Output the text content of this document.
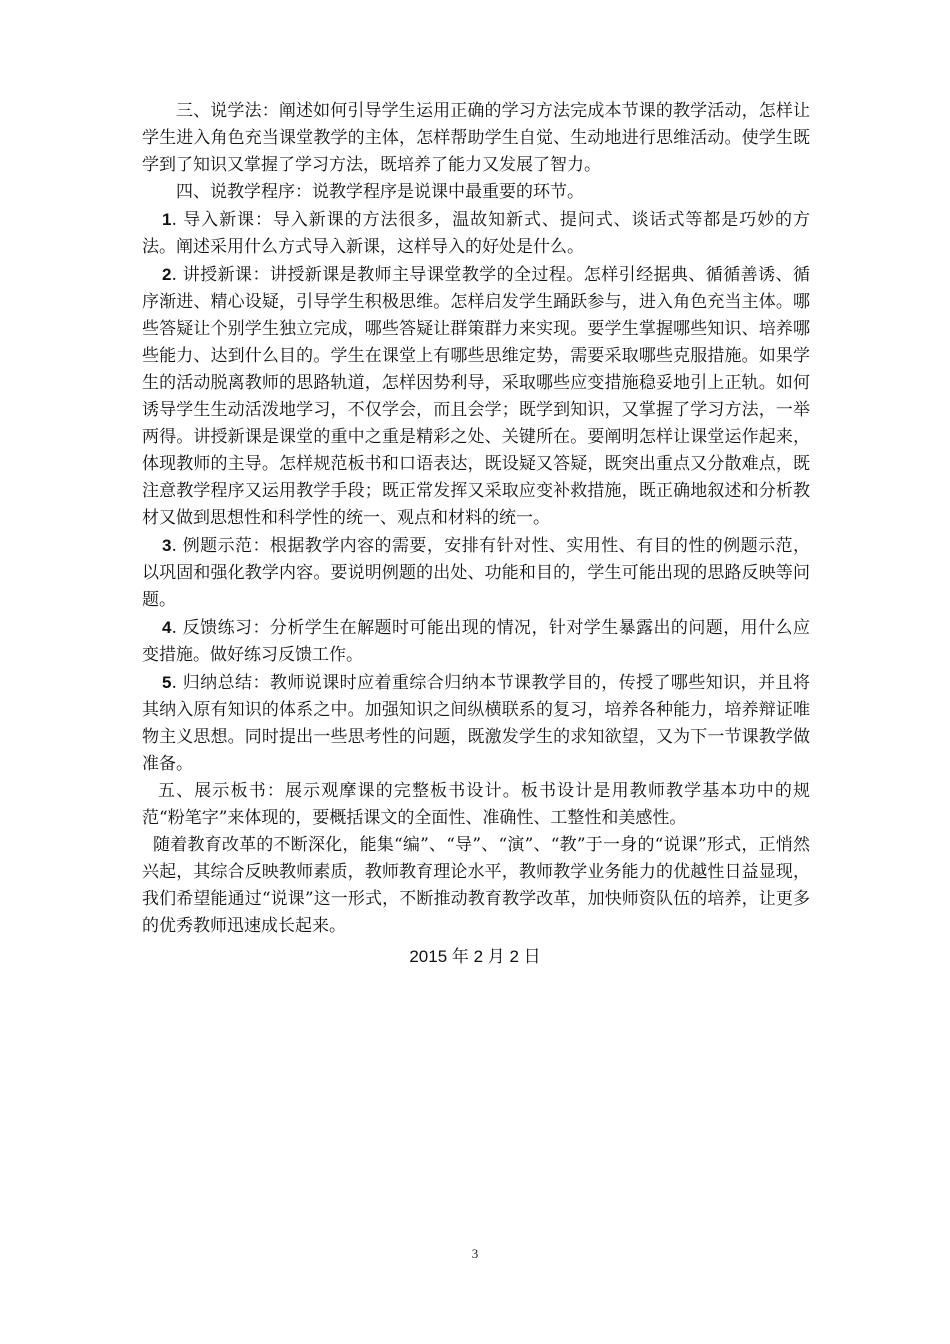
三、说学法：阐述如何引导学生运用正确的学习方法完成本节课的教学活动，怎样让学生进入角色充当课堂教学的主体，怎样帮助学生自觉、生动地进行思维活动。使学生既学到了知识又掌握了学习方法，既培养了能力又发展了智力。

四、说教学程序：说教学程序是说课中最重要的环节。

1. 导入新课：导入新课的方法很多，温故知新式、提问式、谈话式等都是巧妙的方法。阐述采用什么方式导入新课，这样导入的好处是什么。

2. 讲授新课：讲授新课是教师主导课堂教学的全过程。怎样引经据典、循循善诱、循序渐进、精心设疑，引导学生积极思维。怎样启发学生踊跃参与，进入角色充当主体。哪些答疑让个别学生独立完成，哪些答疑让群策群力来实现。要学生掌握哪些知识、培养哪些能力、达到什么目的。学生在课堂上有哪些思维定势，需要采取哪些克服措施。如果学生的活动脱离教师的思路轨道，怎样因势利导，采取哪些应变措施稳妥地引上正轨。如何诱导学生生动活泼地学习，不仅学会，而且会学；既学到知识，又掌握了学习方法，一举两得。讲授新课是课堂的重中之重是精彩之处、关键所在。要阐明怎样让课堂运作起来，体现教师的主导。怎样规范板书和口语表达，既设疑又答疑，既突出重点又分散难点，既注意教学程序又运用教学手段；既正常发挥又采取应变补救措施，既正确地叙述和分析教材又做到思想性和科学性的统一、观点和材料的统一。

3. 例题示范：根据教学内容的需要，安排有针对性、实用性、有目的性的例题示范，以巩固和强化教学内容。要说明例题的出处、功能和目的，学生可能出现的思路反映等问题。

4. 反馈练习：分析学生在解题时可能出现的情况，针对学生暴露出的问题，用什么应变措施。做好练习反馈工作。

5. 归纳总结：教师说课时应着重综合归纳本节课教学目的，传授了哪些知识，并且将其纳入原有知识的体系之中。加强知识之间纵横联系的复习，培养各种能力，培养辩证唯物主义思想。同时提出一些思考性的问题，既激发学生的求知欲望，又为下一节课教学做准备。

五、展示板书：展示观摩课的完整板书设计。板书设计是用教师教学基本功中的规范“粉笔字”来体现的，要概括课文的全面性、准确性、工整性和美感性。

随着教育改革的不断深化，能集“编”、“导”、“演”、“教”于一身的“说课”形式，正悄然兴起，其综合反映教师素质，教师教育理论水平，教师教学业务能力的优越性日益显现，我们希望能通过“说课”这一形式，不断推动教育教学改革，加快师资队伍的培养，让更多的优秀教师迅速成长起来。

2015 年 2 月 2 日
3
